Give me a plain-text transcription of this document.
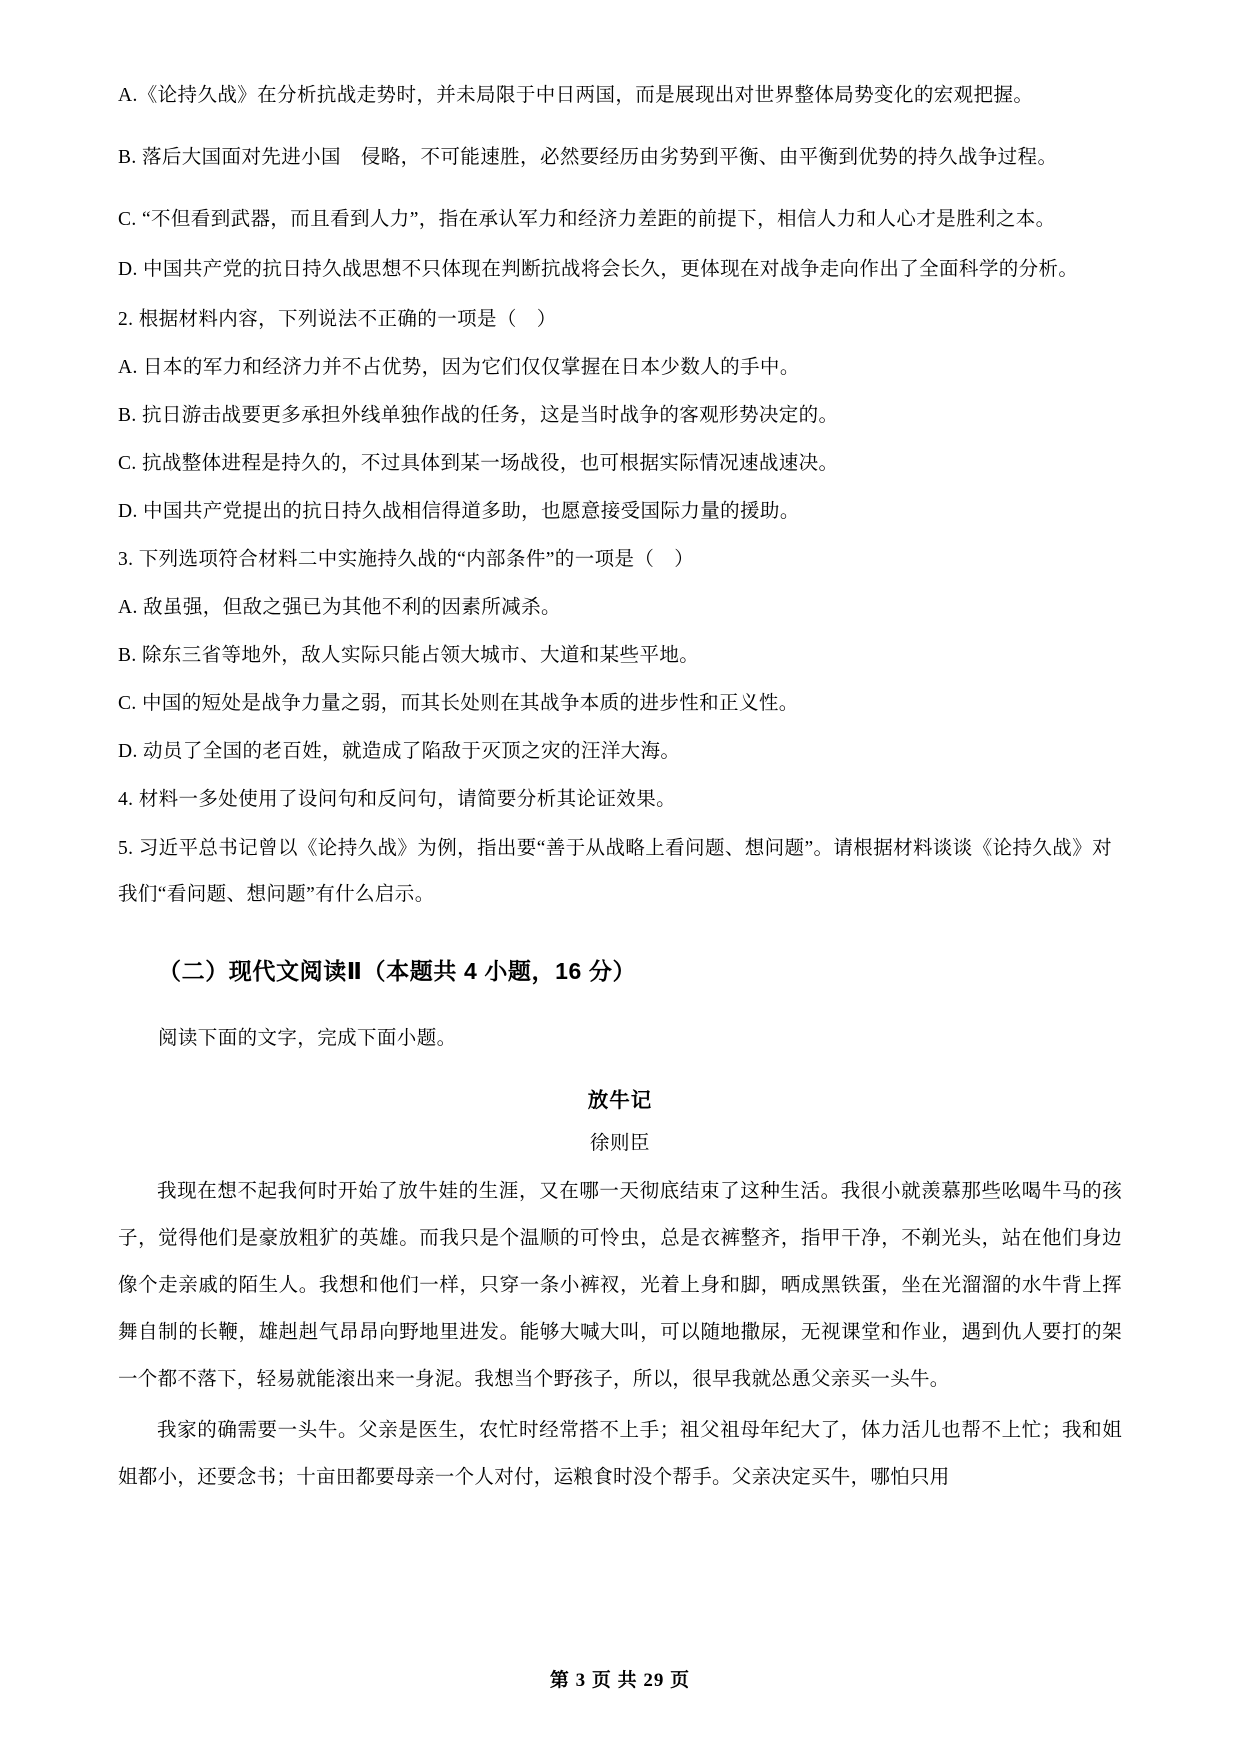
A.《论持久战》在分析抗战走势时，并未局限于中日两国，而是展现出对世界整体局势变化的宏观把握。

B. 落后大国面对先进小国　侵略，不可能速胜，必然要经历由劣势到平衡、由平衡到优势的持久战争过程。

C. “不但看到武器，而且看到人力”，指在承认军力和经济力差距的前提下，相信人力和人心才是胜利之本。

D. 中国共产党的抗日持久战思想不只体现在判断抗战将会长久，更体现在对战争走向作出了全面科学的分析。

2. 根据材料内容，下列说法不正确的一项是（　）

A. 日本的军力和经济力并不占优势，因为它们仅仅掌握在日本少数人的手中。

B. 抗日游击战要更多承担外线单独作战的任务，这是当时战争的客观形势决定的。

C. 抗战整体进程是持久的，不过具体到某一场战役，也可根据实际情况速战速决。

D. 中国共产党提出的抗日持久战相信得道多助，也愿意接受国际力量的援助。

3. 下列选项符合材料二中实施持久战的“内部条件”的一项是（　）

A. 敌虽强，但敌之强已为其他不利的因素所减杀。

B. 除东三省等地外，敌人实际只能占领大城市、大道和某些平地。

C. 中国的短处是战争力量之弱，而其长处则在其战争本质的进步性和正义性。

D. 动员了全国的老百姓，就造成了陷敌于灭顶之灾的汪洋大海。

4. 材料一多处使用了设问句和反问句，请简要分析其论证效果。

5. 习近平总书记曾以《论持久战》为例，指出要“善于从战略上看问题、想问题”。请根据材料谈谈《论持久战》对我们“看问题、想问题”有什么启示。

（二）现代文阅读Ⅱ（本题共 4 小题，16 分）

阅读下面的文字，完成下面小题。

放牛记

徐则臣

我现在想不起我何时开始了放牛娃的生涯，又在哪一天彻底结束了这种生活。我很小就羡慕那些吆喝牛马的孩子，觉得他们是豪放粗犷的英雄。而我只是个温顺的可怜虫，总是衣裤整齐，指甲干净，不剃光头，站在他们身边像个走亲戚的陌生人。我想和他们一样，只穿一条小裤衩，光着上身和脚，晒成黑铁蛋，坐在光溜溜的水牛背上挥舞自制的长鞭，雄赳赳气昂昂向野地里进发。能够大喊大叫，可以随地撒尿，无视课堂和作业，遇到仇人要打的架一个都不落下，轻易就能滚出来一身泥。我想当个野孩子，所以，很早我就怂恿父亲买一头牛。

我家的确需要一头牛。父亲是医生，农忙时经常搭不上手；祖父祖母年纪大了，体力活儿也帮不上忙；我和姐姐都小，还要念书；十亩田都要母亲一个人对付，运粮食时没个帮手。父亲决定买牛，哪怕只用

第 3 页 共 29 页
